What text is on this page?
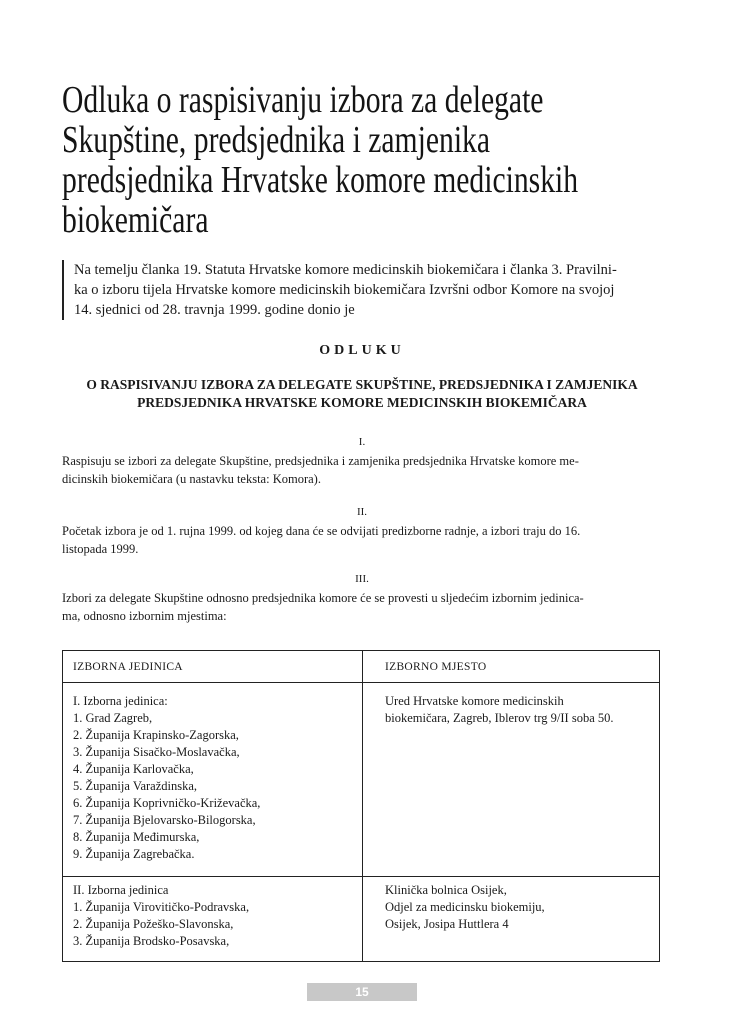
Odluka o raspisivanju izbora za delegate
Skupštine, predsjednika i zamjenika
predsjednika Hrvatske komore medicinskih
biokemičara
Na temelju članka 19. Statuta Hrvatske komore medicinskih biokemičara i članka 3. Pravilni-
ka o izboru tijela Hrvatske komore medicinskih biokemičara Izvršni odbor Komore na svojoj
14. sjednici od 28. travnja 1999. godine donio je
ODLUKU
O RASPISIVANJU IZBORA ZA DELEGATE SKUPŠTINE, PREDSJEDNIKA I ZAMJENIKA
PREDSJEDNIKA HRVATSKE KOMORE MEDICINSKIH BIOKEMIČARA
I.
Raspisuju se izbori za delegate Skupštine, predsjednika i zamjenika predsjednika Hrvatske komore me-
dicinskih biokemičara (u nastavku teksta: Komora).
II.
Početak izbora je od 1. rujna 1999. od kojeg dana će se odvijati predizborne radnje, a izbori traju do 16.
listopada 1999.
III.
Izbori za delegate Skupštine odnosno predsjednika komore će se provesti u sljedećim izbornim jedinica-
ma, odnosno izbornim mjestima:
IZBORNA JEDINICA	IZBORNO MJESTO
I. Izborna jedinica:
1. Grad Zagreb,
2. Županija Krapinsko-Zagorska,
3. Županija Sisačko-Moslavačka,
4. Županija Karlovačka,
5. Županija Varaždinska,
6. Županija Koprivničko-Križevačka,
7. Županija Bjelovarsko-Bilogorska,
8. Županija Međimurska,
9. Županija Zagrebačka.
Ured Hrvatske komore medicinskih
biokemičara, Zagreb, Iblerov trg 9/II soba 50.
II. Izborna jedinica
1. Županija Virovitičko-Podravska,
2. Županija Požeško-Slavonska,
3. Županija Brodsko-Posavska,
Klinička bolnica Osijek,
Odjel za medicinsku biokemiju,
Osijek, Josipa Huttlera 4
15
